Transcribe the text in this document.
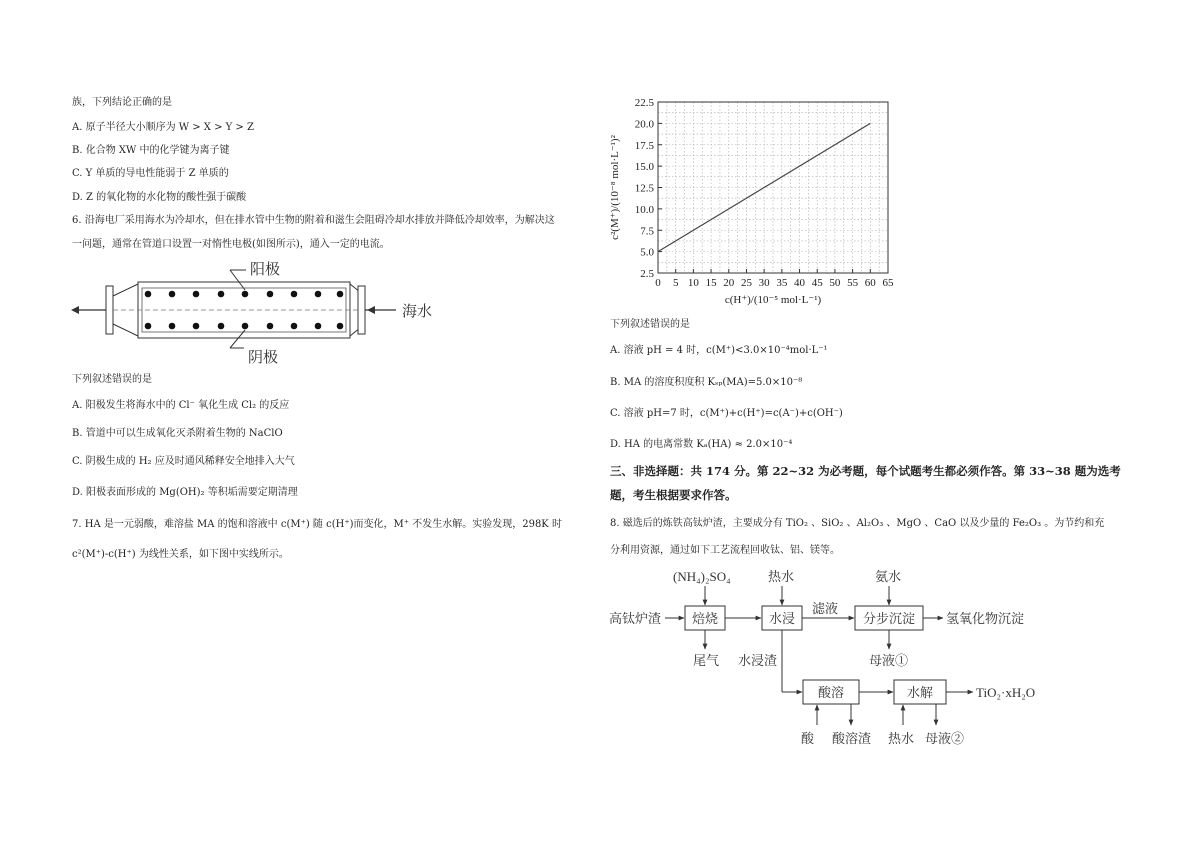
族，下列结论正确的是
A. 原子半径大小顺序为 W > X > Y > Z
B. 化合物 XW 中的化学键为离子键
C. Y 单质的导电性能弱于 Z 单质的
D. Z 的氧化物的水化物的酸性强于碳酸
6. 沿海电厂采用海水为冷却水，但在排水管中生物的附着和滋生会阻碍冷却水排放并降低冷却效率，为解决这
一问题，通常在管道口设置一对惰性电极(如图所示)，通入一定的电流。
阳极
阴极
海水
下列叙述错误的是
A. 阳极发生将海水中的 Cl⁻ 氧化生成 Cl₂ 的反应
B. 管道中可以生成氧化灭杀附着生物的 NaClO
C. 阴极生成的 H₂ 应及时通风稀释安全地排入大气
D. 阳极表面形成的 Mg(OH)₂ 等积垢需要定期清理
7. HA 是一元弱酸，难溶盐 MA 的饱和溶液中 c(M⁺) 随 c(H⁺)而变化，M⁺ 不发生水解。实验发现，298K 时
c²(M⁺)-c(H⁺) 为线性关系，如下图中实线所示。
2.5
5.0
7.5
10.0
12.5
15.0
17.5
20.0
22.5
0 5 10 15 20 25 30 35 40 45 50 55 60 65
c(H⁺)/(10⁻⁵ mol·L⁻¹)
c²(M⁺)/(10⁻⁸ mol·L⁻¹)²
下列叙述错误的是
A. 溶液 pH = 4 时，c(M⁺)<3.0×10⁻⁴mol·L⁻¹
B. MA 的溶度积度积 Kₛₚ(MA)=5.0×10⁻⁸
C. 溶液 pH=7 时，c(M⁺)+c(H⁺)=c(A⁻)+c(OH⁻)
D. HA 的电离常数 Kₐ(HA) ≈ 2.0×10⁻⁴
三、非选择题：共 174 分。第 22~32 为必考题，每个试题考生都必须作答。第 33~38 题为选考
题，考生根据要求作答。
8. 磁选后的炼铁高钛炉渣，主要成分有 TiO₂ 、SiO₂ 、Al₂O₃ 、MgO 、CaO 以及少量的 Fe₂O₃ 。为节约和充
分利用资源，通过如下工艺流程回收钛、铝、镁等。
焙烧	水浸	分步沉淀
酸溶	水解
高钛炉渣
(NH₄)₂SO₄
尾气
热水
滤液
氨水
氢氧化物沉淀
母液①
水浸渣
酸 酸溶渣 热水 母液②
TiO₂·xH₂O
